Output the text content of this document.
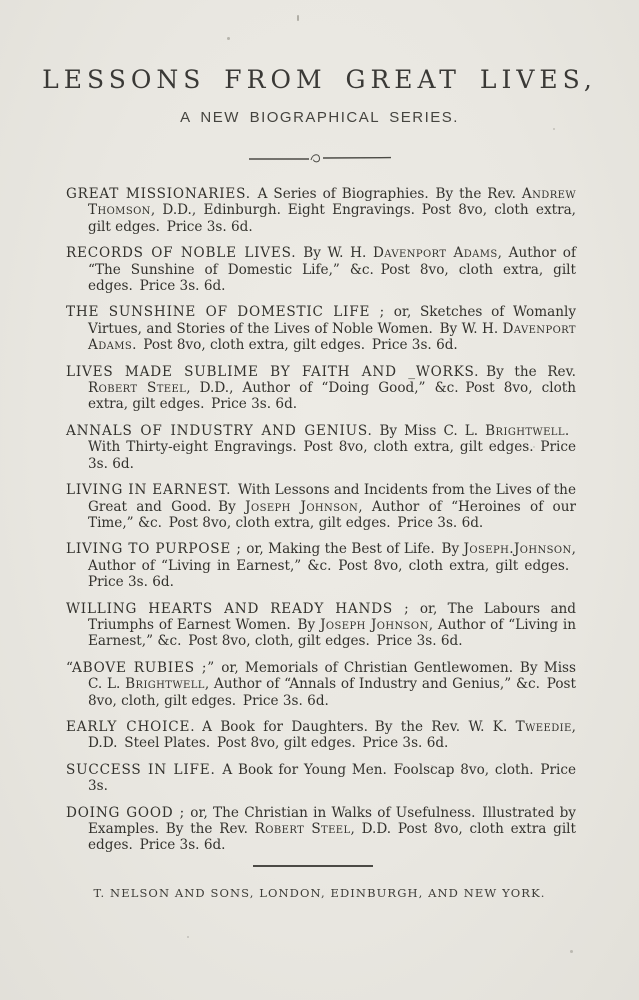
LESSONS FROM GREAT LIVES,
A NEW BIOGRAPHICAL SERIES.

GREAT MISSIONARIES. A Series of Biographies. By the Rev. Andrew Thomson, D.D., Edinburgh. Eight Engravings. Post 8vo, cloth extra, gilt edges. Price 3s. 6d.

RECORDS OF NOBLE LIVES. By W. H. Davenport Adams, Author of “The Sunshine of Domestic Life,” &c. Post 8vo, cloth extra, gilt edges. Price 3s. 6d.

THE SUNSHINE OF DOMESTIC LIFE ; or, Sketches of Womanly Virtues, and Stories of the Lives of Noble Women. By W. H. Davenport Adams. Post 8vo, cloth extra, gilt edges. Price 3s. 6d.

LIVES MADE SUBLIME BY FAITH AND _WORKS. By the Rev. Robert Steel, D.D., Author of “Doing Good,” &c. Post 8vo, cloth extra, gilt edges. Price 3s. 6d.

ANNALS OF INDUSTRY AND GENIUS. By Miss C. L. Brightwell. With Thirty-eight Engravings. Post 8vo, cloth extra, gilt edges. Price 3s. 6d.

LIVING IN EARNEST. With Lessons and Incidents from the Lives of the Great and Good. By Joseph Johnson, Author of “Heroines of our Time,” &c. Post 8vo, cloth extra, gilt edges. Price 3s. 6d.

LIVING TO PURPOSE ; or, Making the Best of Life. By Joseph.Johnson, Author of “Living in Earnest,” &c. Post 8vo, cloth extra, gilt edges. Price 3s. 6d.

WILLING HEARTS AND READY HANDS ; or, The Labours and Triumphs of Earnest Women. By Joseph Johnson, Author of “Living in Earnest,” &c. Post 8vo, cloth, gilt edges. Price 3s. 6d.

“ABOVE RUBIES ;” or, Memorials of Christian Gentlewomen. By Miss C. L. Brightwell, Author of “Annals of Industry and Genius,” &c. Post 8vo, cloth, gilt edges. Price 3s. 6d.

EARLY CHOICE. A Book for Daughters. By the Rev. W. K. Tweedie, D.D. Steel Plates. Post 8vo, gilt edges. Price 3s. 6d.

SUCCESS IN LIFE. A Book for Young Men. Foolscap 8vo, cloth. Price 3s.

DOING GOOD ; or, The Christian in Walks of Usefulness. Illustrated by Examples. By the Rev. Robert Steel, D.D. Post 8vo, cloth extra gilt edges. Price 3s. 6d.

T. NELSON AND SONS, LONDON, EDINBURGH, AND NEW YORK.
